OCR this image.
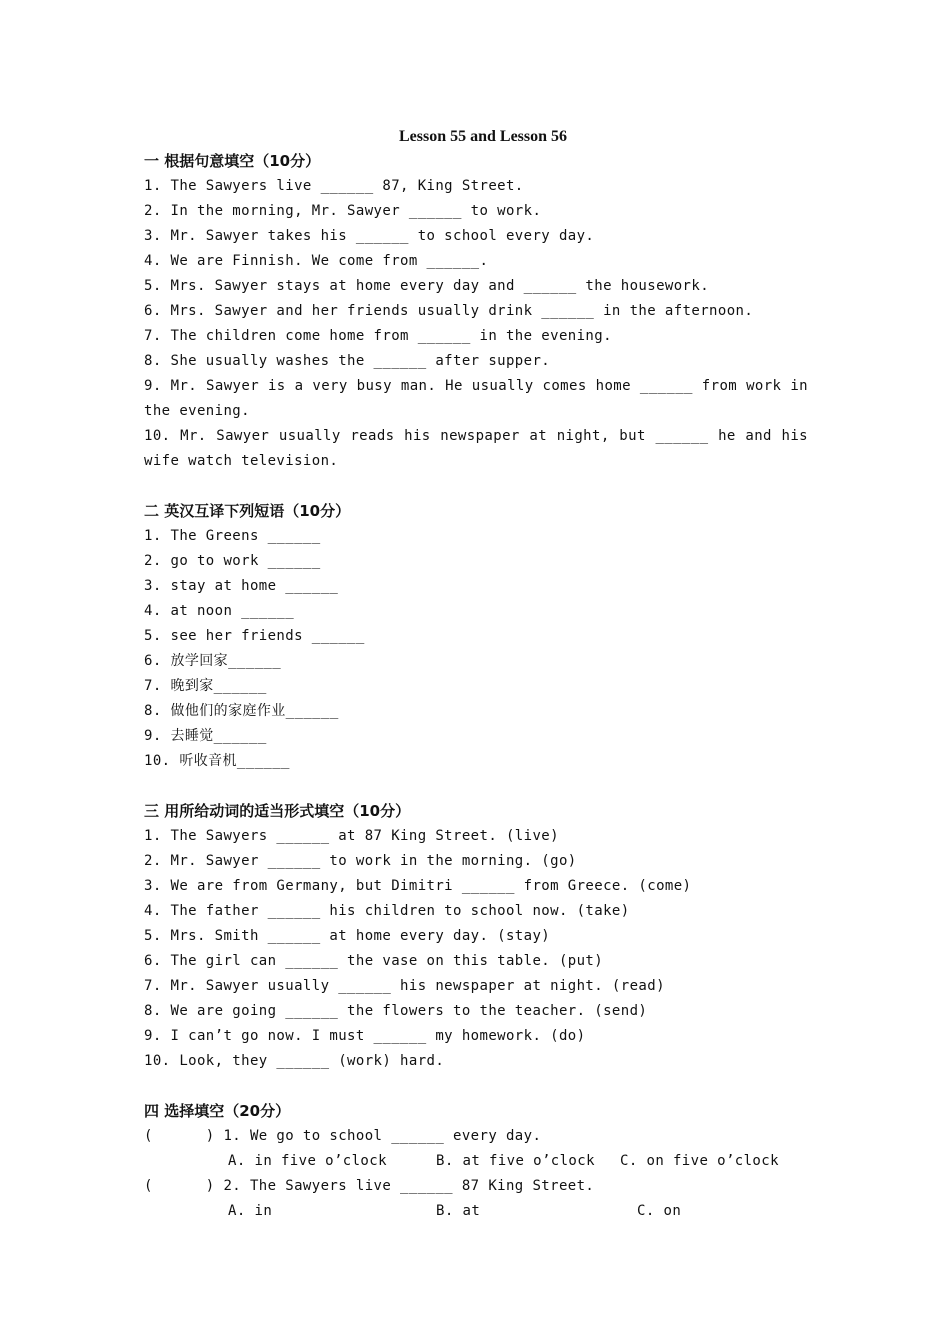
Lesson 55 and Lesson 56
一 根据句意填空（10分）
1. The Sawyers live ______ 87, King Street.
2. In the morning, Mr. Sawyer ______ to work.
3. Mr. Sawyer takes his ______ to school every day.
4. We are Finnish. We come from ______.
5. Mrs. Sawyer stays at home every day and ______ the housework.
6. Mrs. Sawyer and her friends usually drink ______ in the afternoon.
7. The children come home from ______ in the evening.
8. She usually washes the ______ after supper.
9. Mr. Sawyer is a very busy man. He usually comes home ______ from work in the evening.
10. Mr. Sawyer usually reads his newspaper at night, but ______ he and his wife watch television.
二 英汉互译下列短语（10分）
1. The Greens ______
2. go to work ______
3. stay at home ______
4. at noon ______
5. see her friends ______
6. 放学回家______
7. 晚到家______
8. 做他们的家庭作业______
9. 去睡觉______
10. 听收音机______
三 用所给动词的适当形式填空（10分）
1. The Sawyers ______ at 87 King Street. (live)
2. Mr. Sawyer ______ to work in the morning. (go)
3. We are from Germany, but Dimitri ______ from Greece. (come)
4. The father ______ his children to school now. (take)
5. Mrs. Smith ______ at home every day. (stay)
6. The girl can ______ the vase on this table. (put)
7. Mr. Sawyer usually ______ his newspaper at night. (read)
8. We are going ______ the flowers to the teacher. (send)
9. I can’t go now. I must ______ my homework. (do)
10. Look, they ______ (work) hard.
四 选择填空（20分）
(      ) 1. We go to school ______ every day.

A. in five o’clock

	B. at five o’clock

C. on five o’clock

(      ) 2. The Sawyers live ______ 87 King Street.

A. in

	B. at

	C. on
